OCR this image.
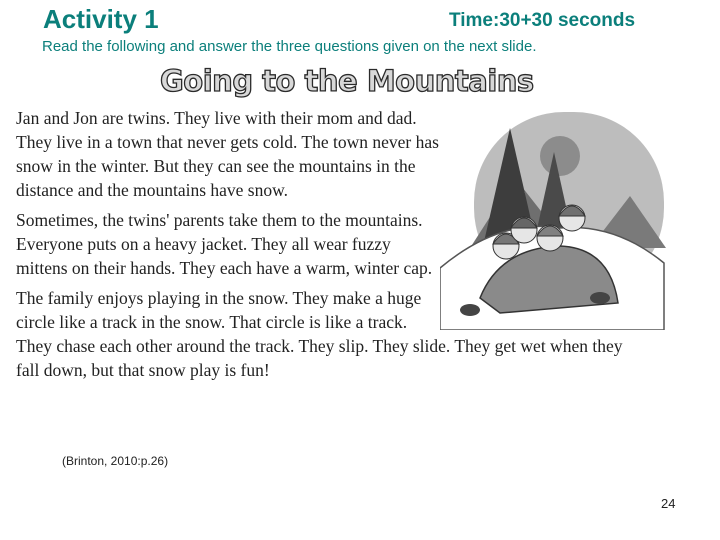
Activity 1	Time:30+30 seconds
Read the following and answer the three questions given on the next slide.
Going to the Mountains
Jan and Jon are twins. They live with their mom and dad.
They live in a town that never gets cold. The town never has
snow in the winter. But they can see the mountains in the
distance and the mountains have snow.
Sometimes, the twins' parents take them to the mountains.
Everyone puts on a heavy jacket. They all wear fuzzy
mittens on their hands. They each have a warm, winter cap.
The family enjoys playing in the snow. They make a huge
circle like a track in the snow. That circle is like a track.
They chase each other around the track. They slip. They slide. They get wet when they
fall down, but that snow play is fun!
(Brinton, 2010:p.26)
24
